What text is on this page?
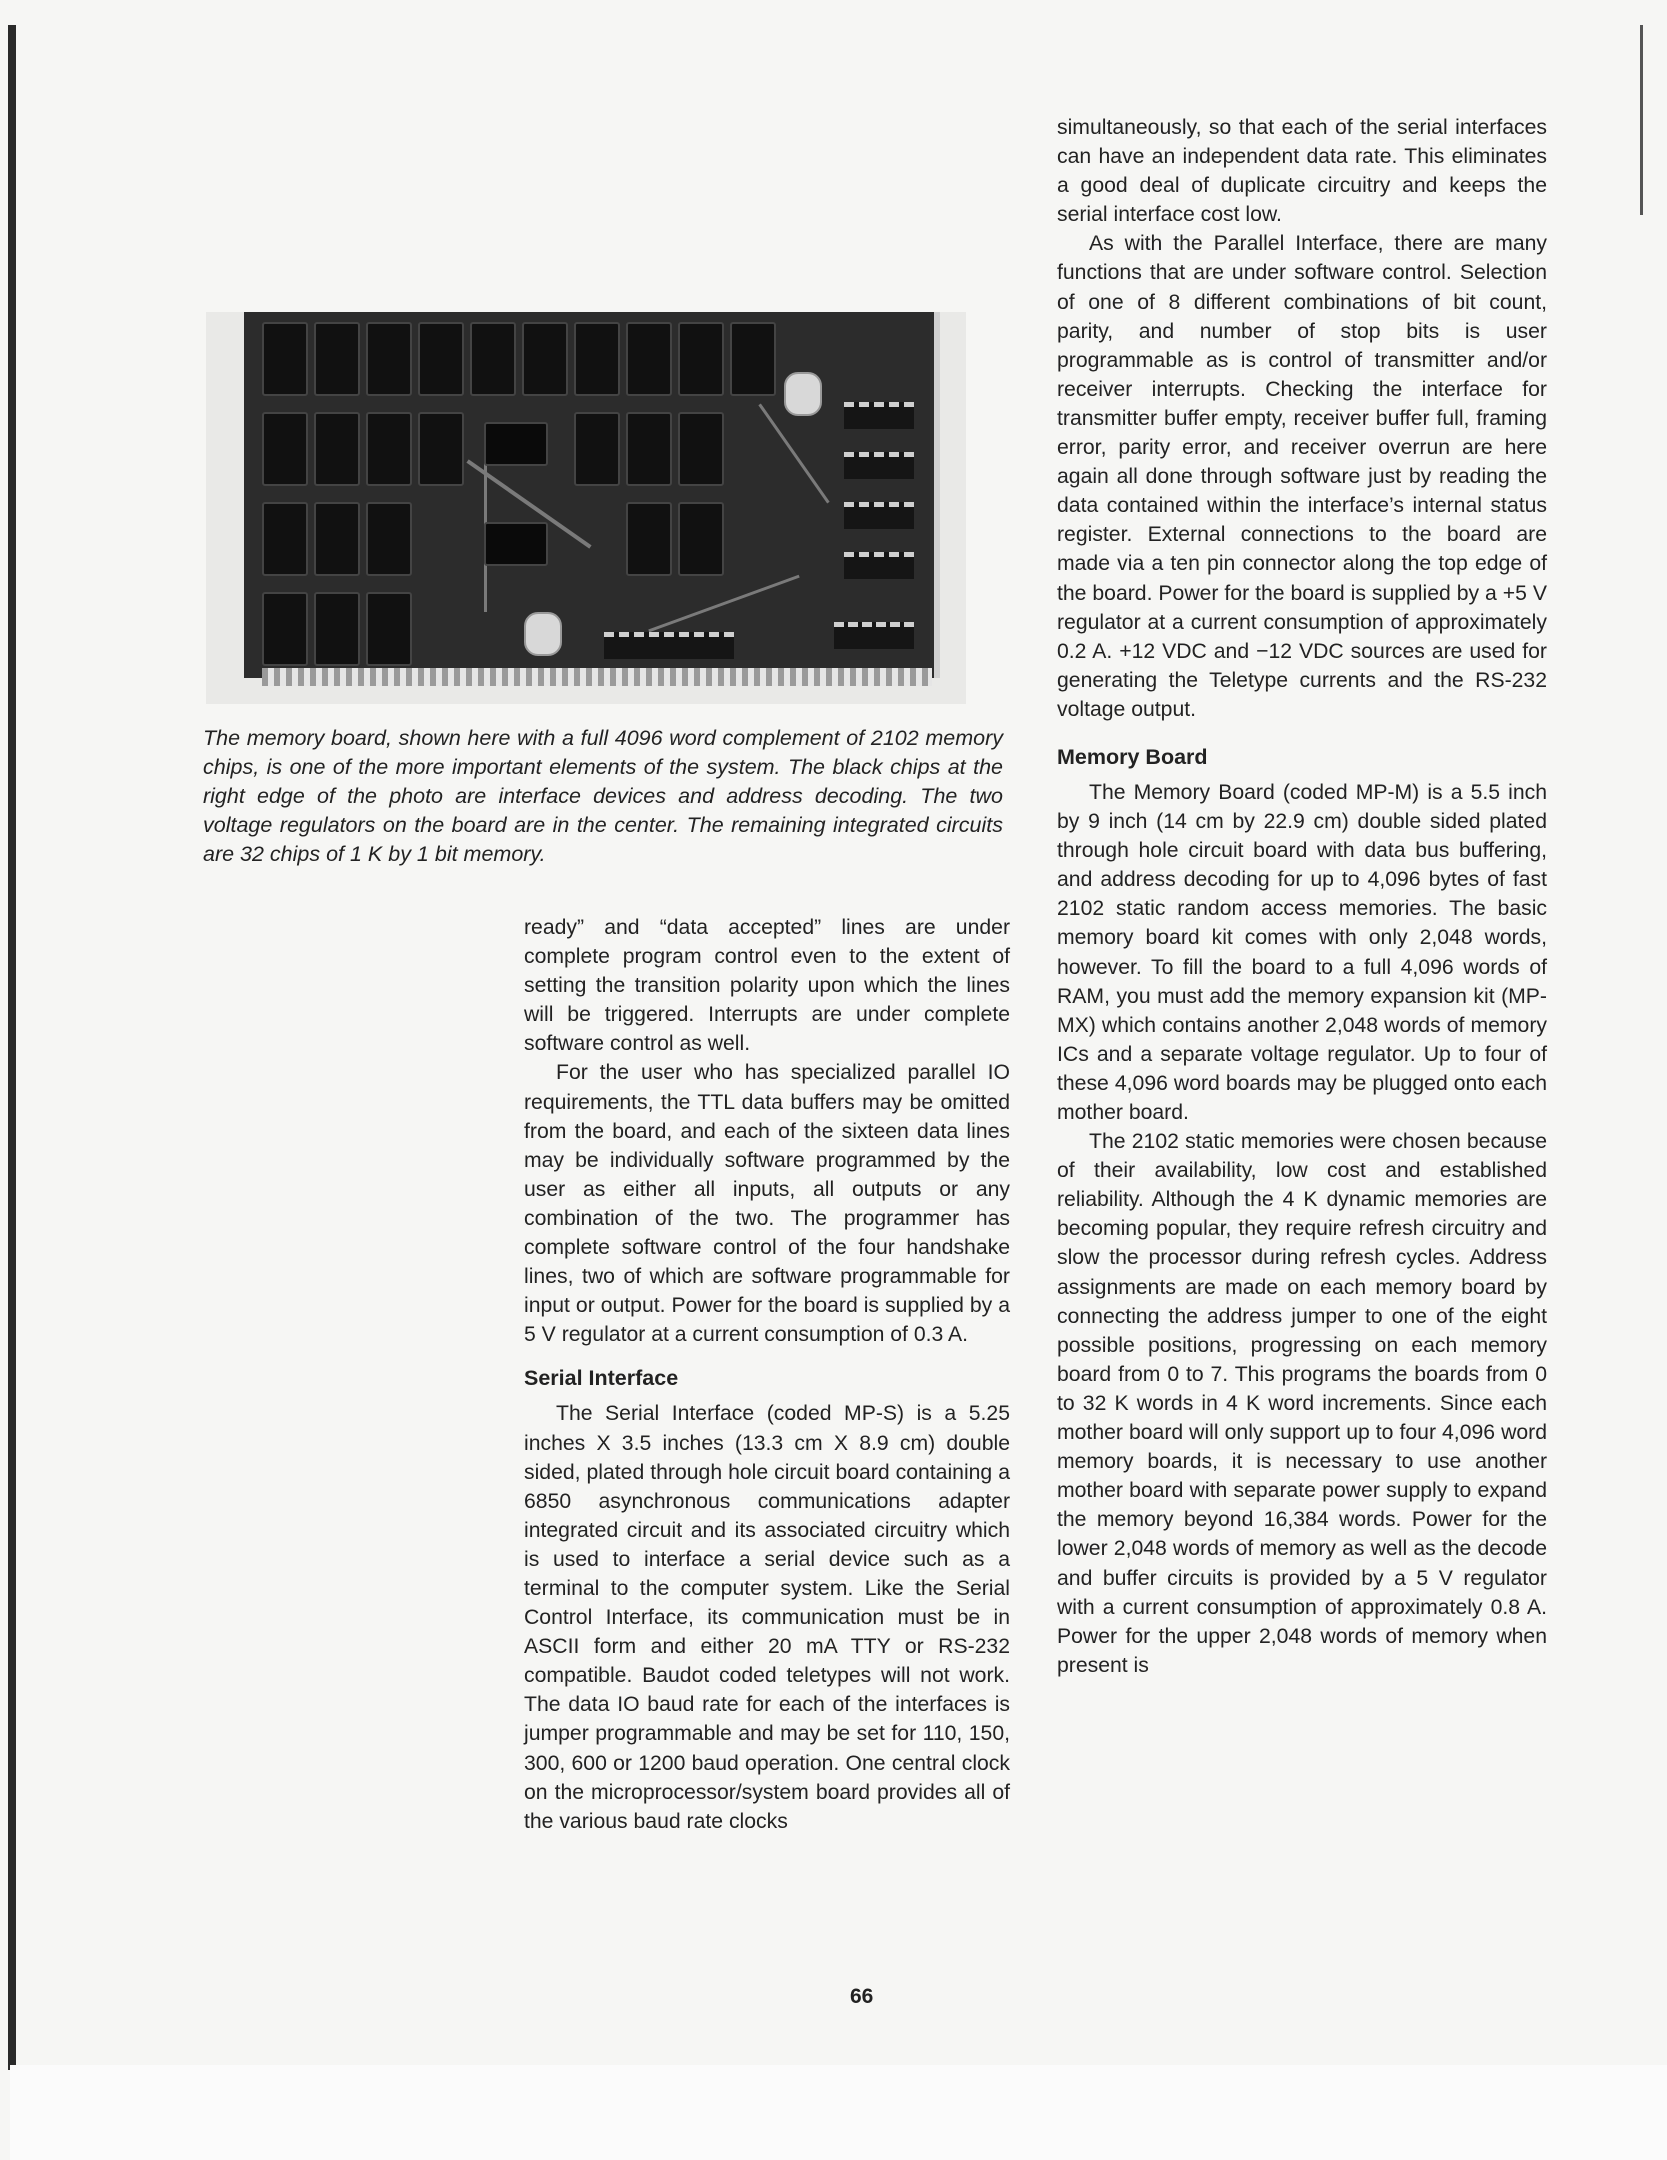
The memory board, shown here with a full 4096 word complement of 2102 memory chips, is one of the more important elements of the system. The black chips at the right edge of the photo are interface devices and address decoding. The two voltage regulators on the board are in the center. The remaining integrated circuits are 32 chips of 1 K by 1 bit memory.

ready” and “data accepted” lines are under complete program control even to the extent of setting the transition polarity upon which the lines will be triggered. Interrupts are under complete software control as well.

For the user who has specialized parallel IO requirements, the TTL data buffers may be omitted from the board, and each of the sixteen data lines may be individually software programmed by the user as either all inputs, all outputs or any combination of the two. The programmer has complete software control of the four handshake lines, two of which are software programmable for input or output. Power for the board is supplied by a 5 V regulator at a current consumption of 0.3 A.

Serial Interface

The Serial Interface (coded MP-S) is a 5.25 inches X 3.5 inches (13.3 cm X 8.9 cm) double sided, plated through hole circuit board containing a 6850 asynchronous communications adapter integrated circuit and its associated circuitry which is used to interface a serial device such as a terminal to the computer system. Like the Serial Control Interface, its communication must be in ASCII form and either 20 mA TTY or RS-232 compatible. Baudot coded teletypes will not work. The data IO baud rate for each of the interfaces is jumper programmable and may be set for 110, 150, 300, 600 or 1200 baud operation. One central clock on the microprocessor/system board provides all of the various baud rate clocks

simultaneously, so that each of the serial interfaces can have an independent data rate. This eliminates a good deal of duplicate circuitry and keeps the serial interface cost low.

As with the Parallel Interface, there are many functions that are under software control. Selection of one of 8 different combinations of bit count, parity, and number of stop bits is user programmable as is control of transmitter and/or receiver interrupts. Checking the interface for transmitter buffer empty, receiver buffer full, framing error, parity error, and receiver overrun are here again all done through software just by reading the data contained within the interface’s internal status register. External connections to the board are made via a ten pin connector along the top edge of the board. Power for the board is supplied by a +5 V regulator at a current consumption of approximately 0.2 A. +12 VDC and −12 VDC sources are used for generating the Teletype currents and the RS-232 voltage output.

Memory Board

The Memory Board (coded MP-M) is a 5.5 inch by 9 inch (14 cm by 22.9 cm) double sided plated through hole circuit board with data bus buffering, and address decoding for up to 4,096 bytes of fast 2102 static random access memories. The basic memory board kit comes with only 2,048 words, however. To fill the board to a full 4,096 words of RAM, you must add the memory expansion kit (MP-MX) which contains another 2,048 words of memory ICs and a separate voltage regulator. Up to four of these 4,096 word boards may be plugged onto each mother board.

The 2102 static memories were chosen because of their availability, low cost and established reliability. Although the 4 K dynamic memories are becoming popular, they require refresh circuitry and slow the processor during refresh cycles. Address assignments are made on each memory board by connecting the address jumper to one of the eight possible positions, progressing on each memory board from 0 to 7. This programs the boards from 0 to 32 K words in 4 K word increments. Since each mother board will only support up to four 4,096 word memory boards, it is necessary to use another mother board with separate power supply to expand the memory beyond 16,384 words. Power for the lower 2,048 words of memory as well as the decode and buffer circuits is provided by a 5 V regulator with a current consumption of approximately 0.8 A. Power for the upper 2,048 words of memory when present is

66
